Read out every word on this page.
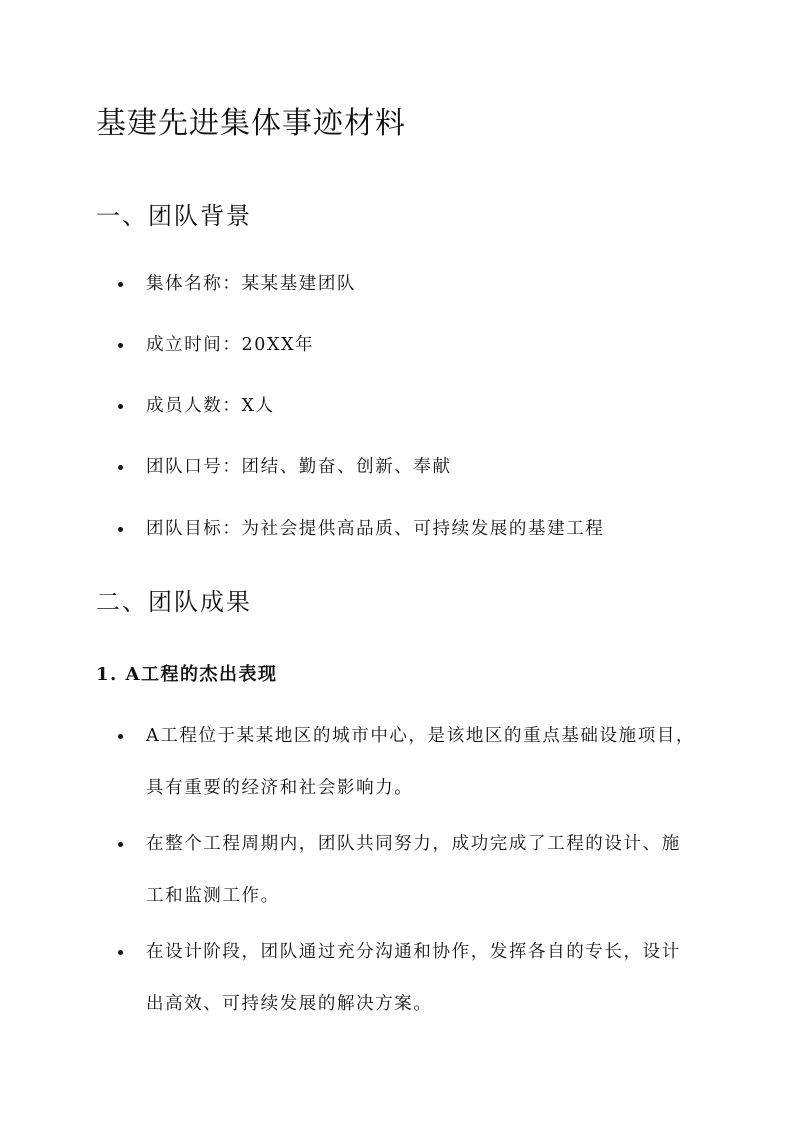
基建先进集体事迹材料
一、团队背景
集体名称：某某基建团队
成立时间：20XX年
成员人数：X人
团队口号：团结、勤奋、创新、奉献
团队目标：为社会提供高品质、可持续发展的基建工程
二、团队成果
1. A工程的杰出表现
A工程位于某某地区的城市中心，是该地区的重点基础设施项目，具有重要的经济和社会影响力。
在整个工程周期内，团队共同努力，成功完成了工程的设计、施工和监测工作。
在设计阶段，团队通过充分沟通和协作，发挥各自的专长，设计出高效、可持续发展的解决方案。
